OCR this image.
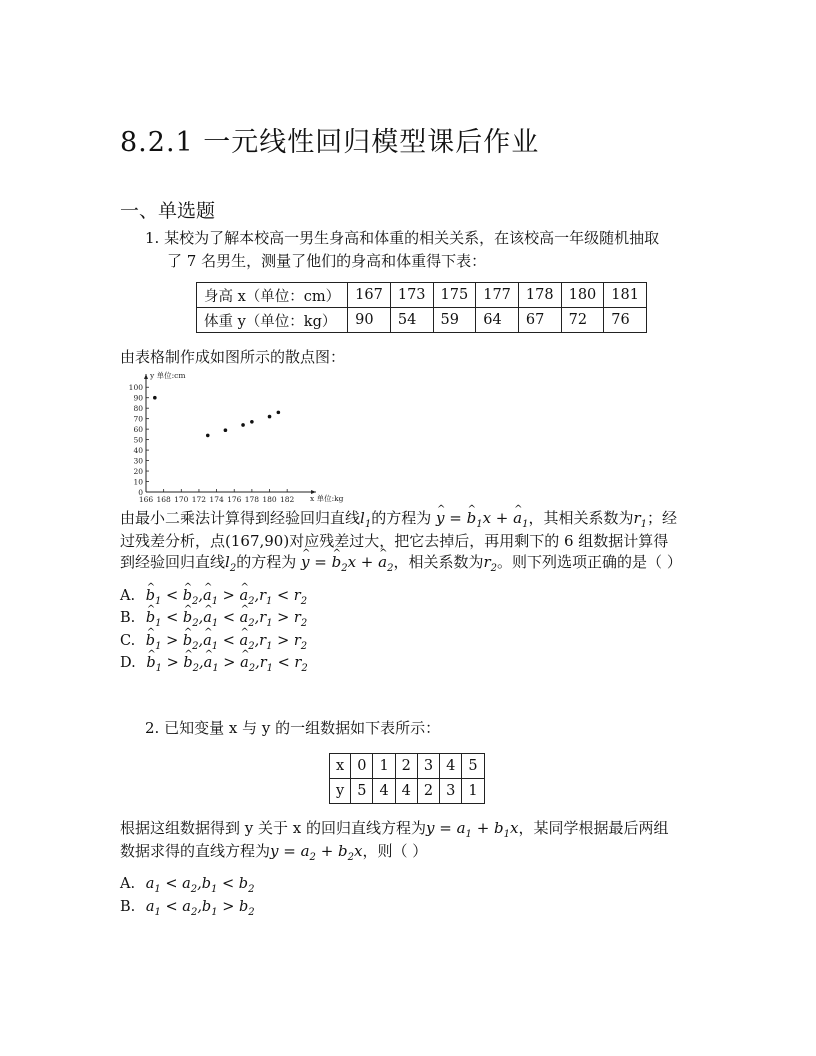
8.2.1 一元线性回归模型课后作业
一、单选题
1. 某校为了解本校高一男生身高和体重的相关关系，在该校高一年级随机抽取
了 7 名男生，测量了他们的身高和体重得下表：
身高 x（单位：cm）	167	173	175	177	178	180	181
体重 y（单位：kg）	90	54	59	64	67	72	76
由表格制作成如图所示的散点图：
0
10
20
30
40
50
60
70
80
90
100
166 168 170 172 174 176 178 180 182
y 单位:cm
x 单位:kg
由最小二乘法计算得到经验回归直线$l_1$的方程为 ^ y = ^ $b_1x$ + ^ $a_1$，其相关系数为$r_1$；经
过残差分析，点(167,90)对应残差过大，把它去掉后，再用剩下的 6 组数据计算得
到经验回归直线$l_2$的方程为 ^ y = ^ $b_2x$ + ^ $a_2$，相关系数为$r_2$。则下列选项正确的是（ ）
A. ^ $b_1$ < ^ $b_2,\^{}$ $a_1$ > ^ $a_2,r_1 < r_2$
B. ^ $b_1$ < ^ $b_2,\^{}$ $a_1$ < ^ $a_2,r_1 > r_2$
C. ^ $b_1$ > ^ $b_2,\^{}$ $a_1$ < ^ $a_2,r_1 > r_2$
D. ^ $b_1$ > ^ $b_2,\^{}$ $a_1$ > ^ $a_2,r_1 < r_2$
2. 已知变量 x 与 y 的一组数据如下表所示：
x	0	1	2	3	4	5
y	5	4	4	2	3	1
根据这组数据得到 y 关于 x 的回归直线方程为$y = a_1 + b_1x$，某同学根据最后两组
数据求得的直线方程为$y = a_2 + b_2x$，则（ ）
A. $a_1 < a_2,b_1 < b_2$
B. $a_1 < a_2,b_1 > b_2$
